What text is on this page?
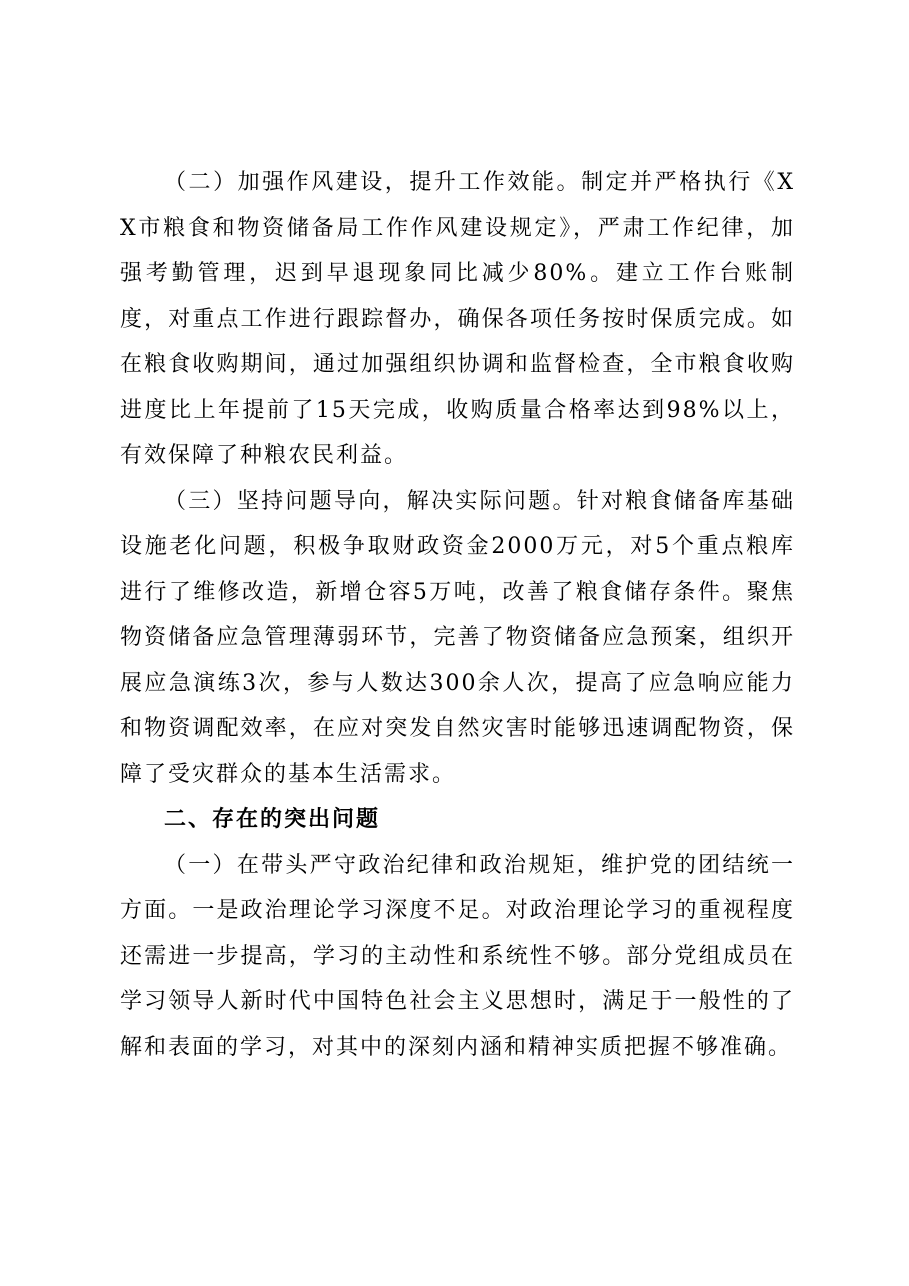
（二）加强作风建设，提升工作效能。制定并严格执行《XX市粮食和物资储备局工作作风建设规定》，严肃工作纪律，加强考勤管理，迟到早退现象同比减少80%。建立工作台账制度，对重点工作进行跟踪督办，确保各项任务按时保质完成。如在粮食收购期间，通过加强组织协调和监督检查，全市粮食收购进度比上年提前了15天完成，收购质量合格率达到98%以上，有效保障了种粮农民利益。

（三）坚持问题导向，解决实际问题。针对粮食储备库基础设施老化问题，积极争取财政资金2000万元，对5个重点粮库进行了维修改造，新增仓容5万吨，改善了粮食储存条件。聚焦物资储备应急管理薄弱环节，完善了物资储备应急预案，组织开展应急演练3次，参与人数达300余人次，提高了应急响应能力和物资调配效率，在应对突发自然灾害时能够迅速调配物资，保障了受灾群众的基本生活需求。

二、存在的突出问题

（一）在带头严守政治纪律和政治规矩，维护党的团结统一方面。一是政治理论学习深度不足。对政治理论学习的重视程度还需进一步提高，学习的主动性和系统性不够。部分党组成员在学习领导人新时代中国特色社会主义思想时，满足于一般性的了解和表面的学习，对其中的深刻内涵和精神实质把握不够准确。
